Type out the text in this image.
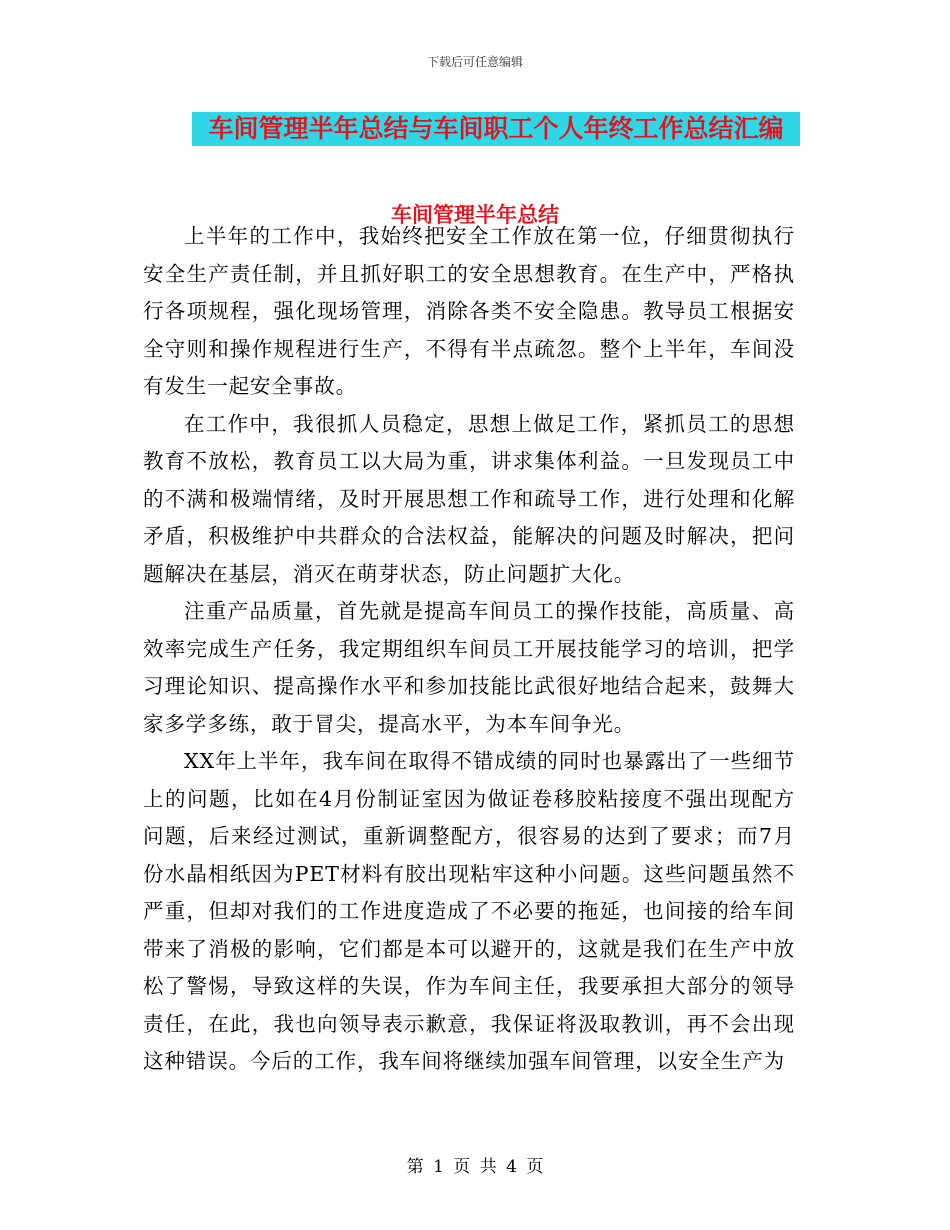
下载后可任意编辑
车间管理半年总结与车间职工个人年终工作总结汇编
车间管理半年总结

上半年的工作中，我始终把安全工作放在第一位，仔细贯彻执行安全生产责任制，并且抓好职工的安全思想教育。在生产中，严格执行各项规程，强化现场管理，消除各类不安全隐患。教导员工根据安全守则和操作规程进行生产，不得有半点疏忽。整个上半年，车间没有发生一起安全事故。

在工作中，我很抓人员稳定，思想上做足工作，紧抓员工的思想教育不放松，教育员工以大局为重，讲求集体利益。一旦发现员工中的不满和极端情绪，及时开展思想工作和疏导工作，进行处理和化解矛盾，积极维护中共群众的合法权益，能解决的问题及时解决，把问题解决在基层，消灭在萌芽状态，防止问题扩大化。

注重产品质量，首先就是提高车间员工的操作技能，高质量、高效率完成生产任务，我定期组织车间员工开展技能学习的培训，把学习理论知识、提高操作水平和参加技能比武很好地结合起来，鼓舞大家多学多练，敢于冒尖，提高水平，为本车间争光。

XX年上半年，我车间在取得不错成绩的同时也暴露出了一些细节上的问题，比如在4月份制证室因为做证卷移胶粘接度不强出现配方问题，后来经过测试，重新调整配方，很容易的达到了要求；而7月份水晶相纸因为PET材料有胶出现粘牢这种小问题。这些问题虽然不严重，但却对我们的工作进度造成了不必要的拖延，也间接的给车间带来了消极的影响，它们都是本可以避开的，这就是我们在生产中放松了警惕，导致这样的失误，作为车间主任，我要承担大部分的领导责任，在此，我也向领导表示歉意，我保证将汲取教训，再不会出现这种错误。今后的工作，我车间将继续加强车间管理，以安全生产为

第 1 页 共 4 页
